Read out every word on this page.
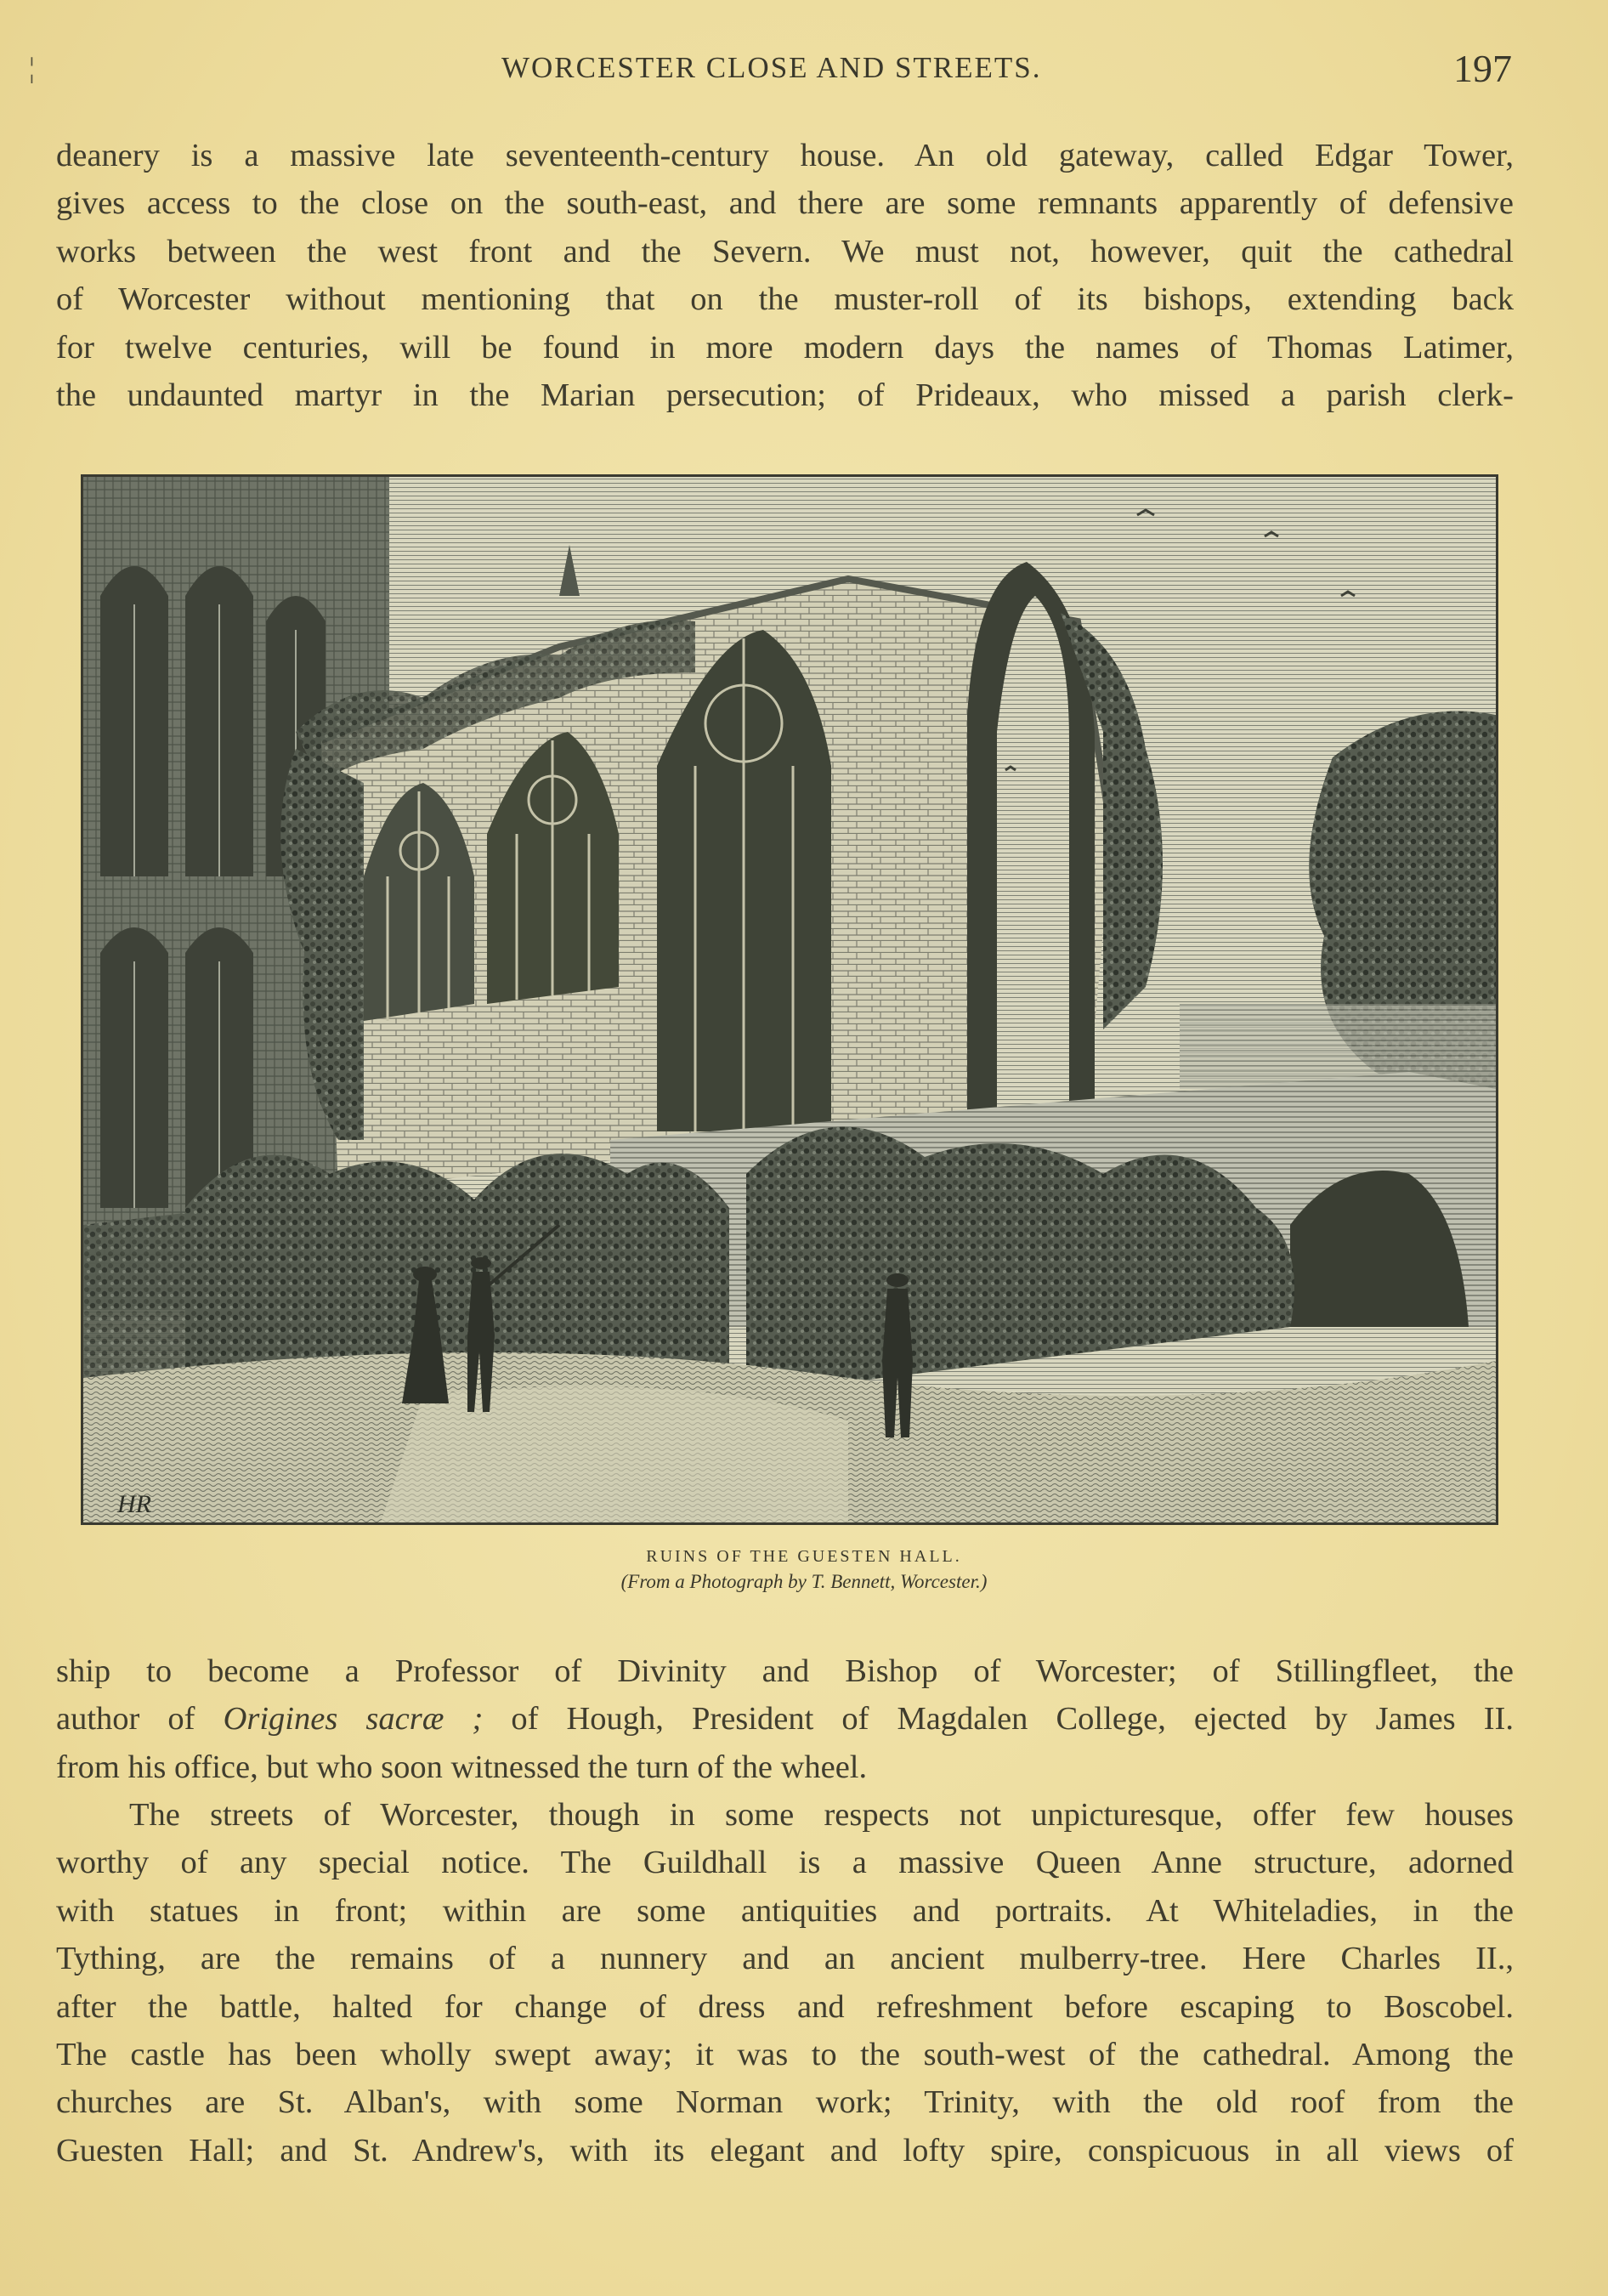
¦	WORCESTER CLOSE AND STREETS.	197
deanery is a massive late seventeenth-century house. An old gateway, called Edgar Tower,
gives access to the close on the south-east, and there are some remnants apparently of defensive
works between the west front and the Severn. We must not, however, quit the cathedral
of Worcester without mentioning that on the muster-roll of its bishops, extending back
for twelve centuries, will be found in more modern days the names of Thomas Latimer,
the undaunted martyr in the Marian persecution; of Prideaux, who missed a parish clerk-
HR
RUINS OF THE GUESTEN HALL.
(From a Photograph by T. Bennett, Worcester.)
ship to become a Professor of Divinity and Bishop of Worcester; of Stillingfleet, the
author of Origines sacræ ; of Hough, President of Magdalen College, ejected by James II.
from his office, but who soon witnessed the turn of the wheel.
The streets of Worcester, though in some respects not unpicturesque, offer few houses
worthy of any special notice. The Guildhall is a massive Queen Anne structure, adorned
with statues in front; within are some antiquities and portraits. At Whiteladies, in the
Tything, are the remains of a nunnery and an ancient mulberry-tree. Here Charles II.,
after the battle, halted for change of dress and refreshment before escaping to Boscobel.
The castle has been wholly swept away; it was to the south-west of the cathedral. Among the
churches are St. Alban's, with some Norman work; Trinity, with the old roof from the
Guesten Hall; and St. Andrew's, with its elegant and lofty spire, conspicuous in all views of
